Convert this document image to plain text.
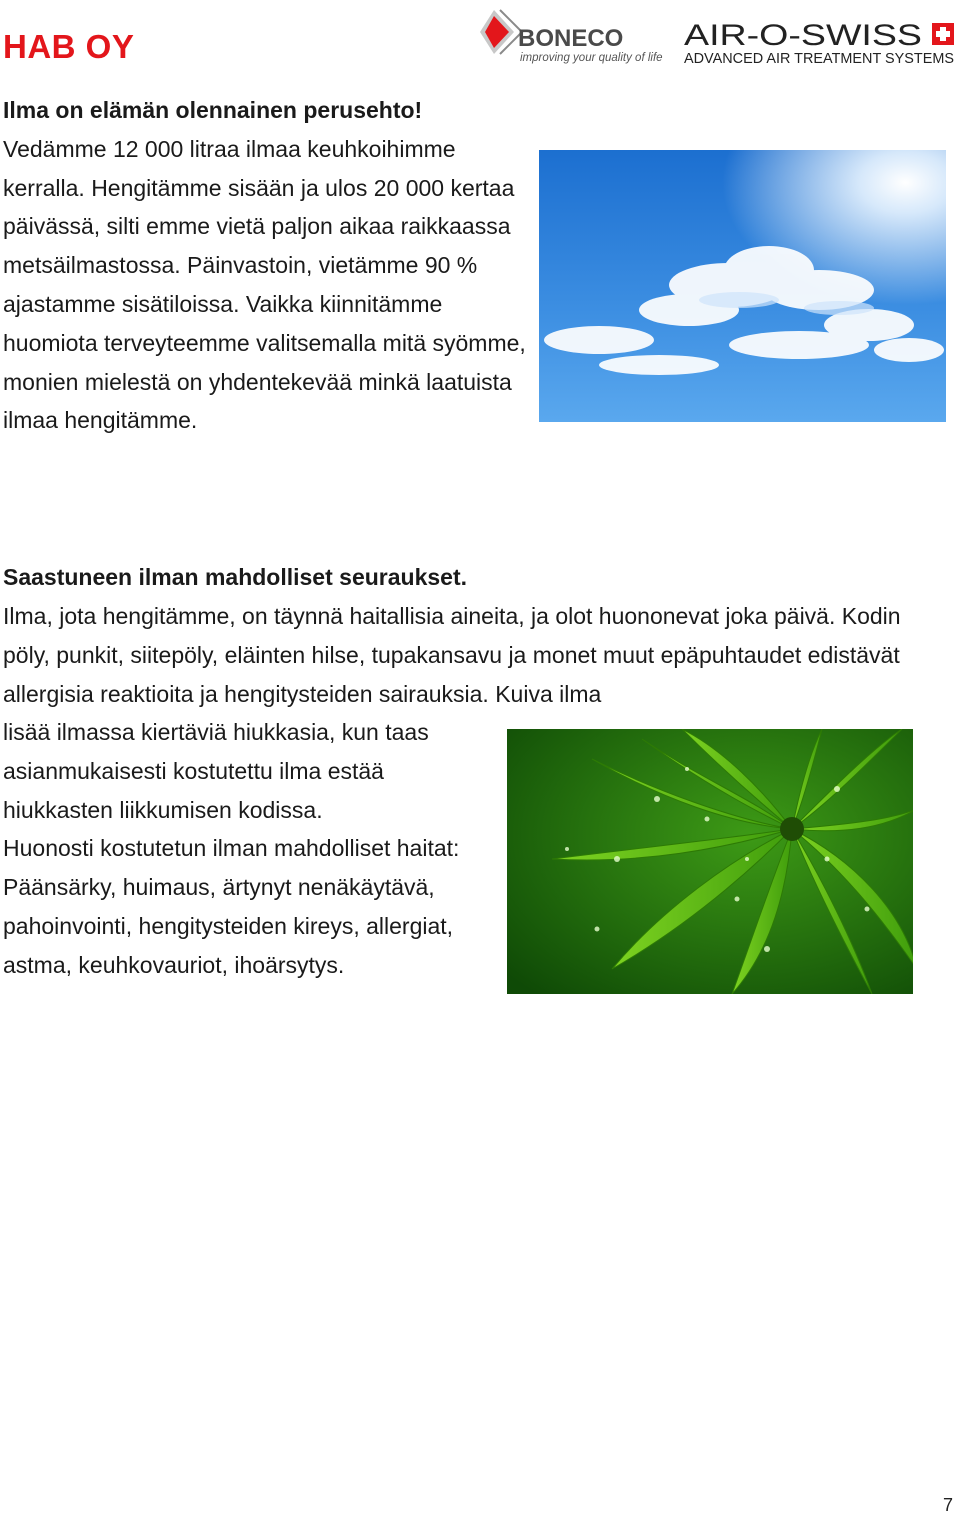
HAB OY	BONECO
improving your quality of life
AIR-O-SWISS
ADVANCED AIR TREATMENT SYSTEMS
Ilma on elämän olennainen perusehto!
Vedämme 12 000 litraa ilmaa keuhkoihimme kerralla. Hengitämme sisään ja ulos 20 000 kertaa päivässä, silti emme vietä paljon aikaa raikkaassa metsäilmastossa. Päinvastoin, vietämme 90 % ajastamme sisätiloissa. Vaikka kiinnitämme huomiota terveyteemme valitsemalla mitä syömme, monien mielestä on yhdentekevää minkä laatuista ilmaa hengitämme.
Saastuneen ilman mahdolliset seuraukset.
Ilma, jota hengitämme, on täynnä haitallisia aineita, ja olot huononevat joka päivä. Kodin pöly, punkit, siitepöly, eläinten hilse, tupakansavu ja monet muut epäpuhtaudet edistävät allergisia reaktioita ja hengitysteiden sairauksia. Kuiva ilma
lisää ilmassa kiertäviä hiukkasia, kun taas asianmukaisesti kostutettu ilma estää hiukkasten liikkumisen kodissa.
Huonosti kostutetun ilman mahdolliset haitat: Päänsärky, huimaus, ärtynyt nenäkäytävä, pahoinvointi, hengitysteiden kireys, allergiat, astma, keuhkovauriot, ihoärsytys.
7
